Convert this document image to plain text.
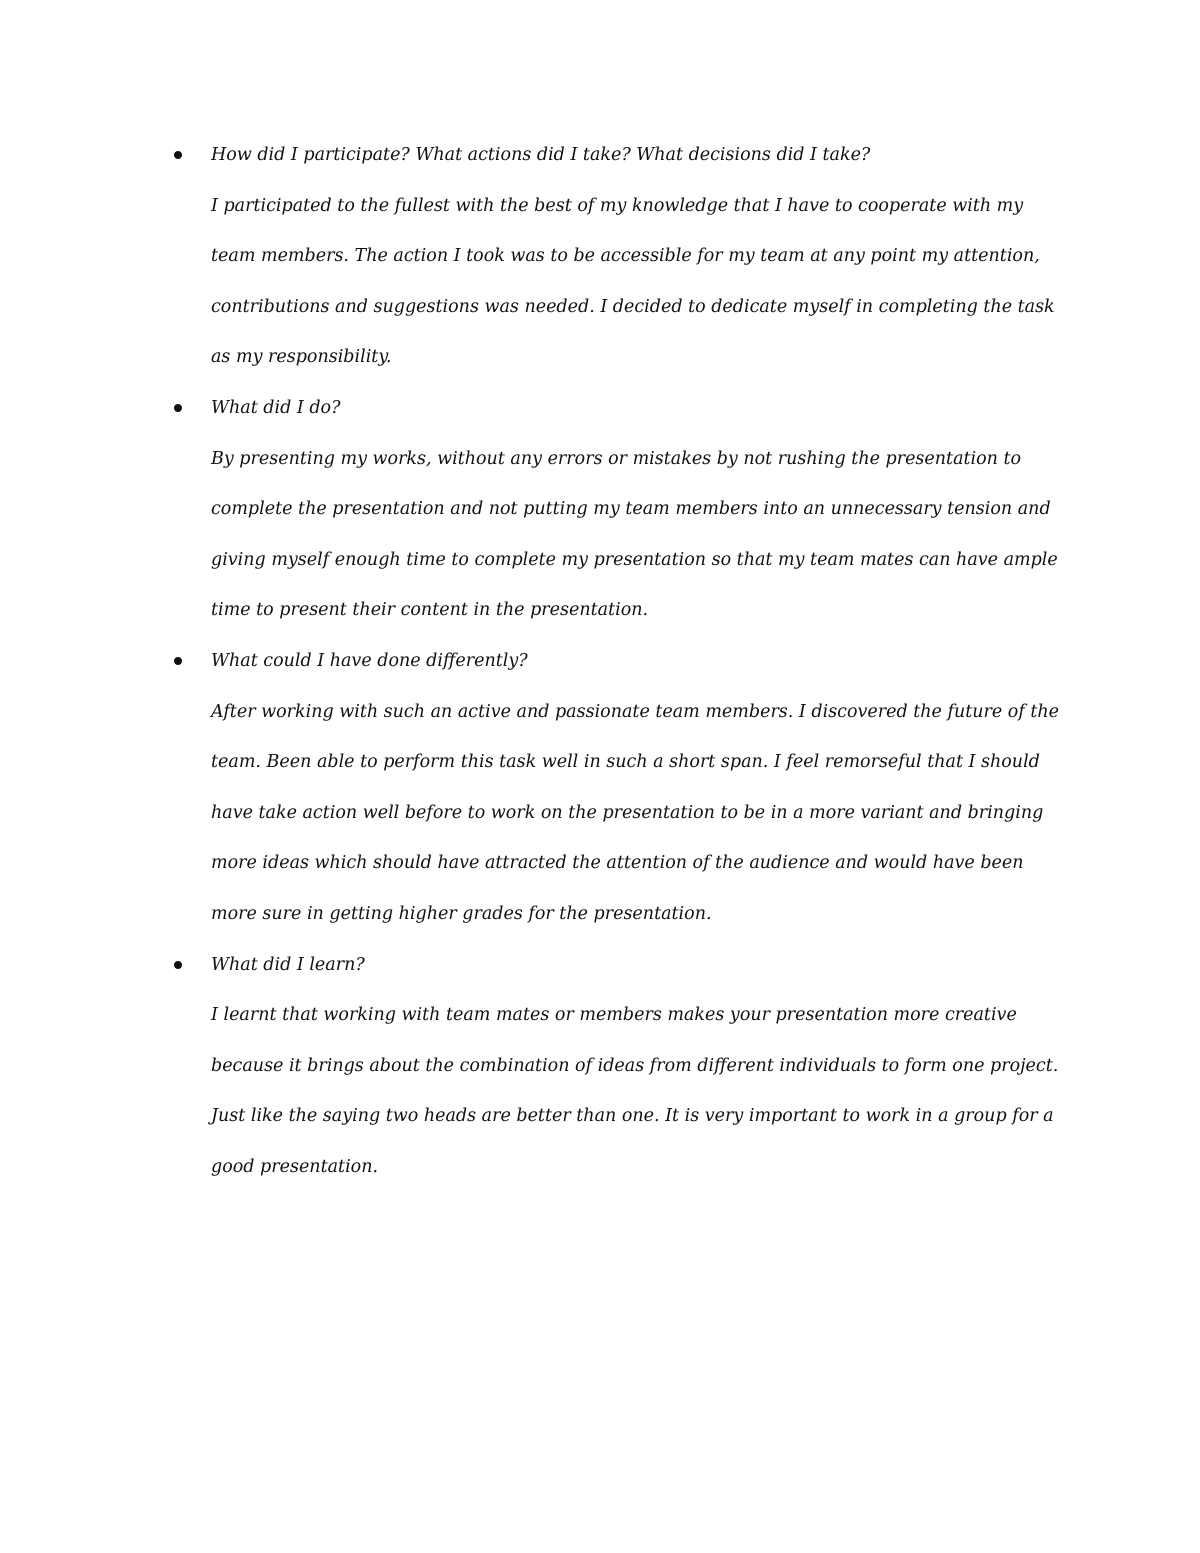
How did I participate? What actions did I take? What decisions did I take?
I participated to the fullest with the best of my knowledge that I have to cooperate with my
team members. The action I took was to be accessible for my team at any point my attention,
contributions and suggestions was needed. I decided to dedicate myself in completing the task
as my responsibility.
What did I do?
By presenting my works, without any errors or mistakes by not rushing the presentation to
complete the presentation and not putting my team members into an unnecessary tension and
giving myself enough time to complete my presentation so that my team mates can have ample
time to present their content in the presentation.
What could I have done differently?
After working with such an active and passionate team members. I discovered the future of the
team. Been able to perform this task well in such a short span. I feel remorseful that I should
have take action well before to work on the presentation to be in a more variant and bringing
more ideas which should have attracted the attention of the audience and would have been
more sure in getting higher grades for the presentation.
What did I learn?
I learnt that working with team mates or members makes your presentation more creative
because it brings about the combination of ideas from different individuals to form one project.
Just like the saying two heads are better than one. It is very important to work in a group for a
good presentation.
